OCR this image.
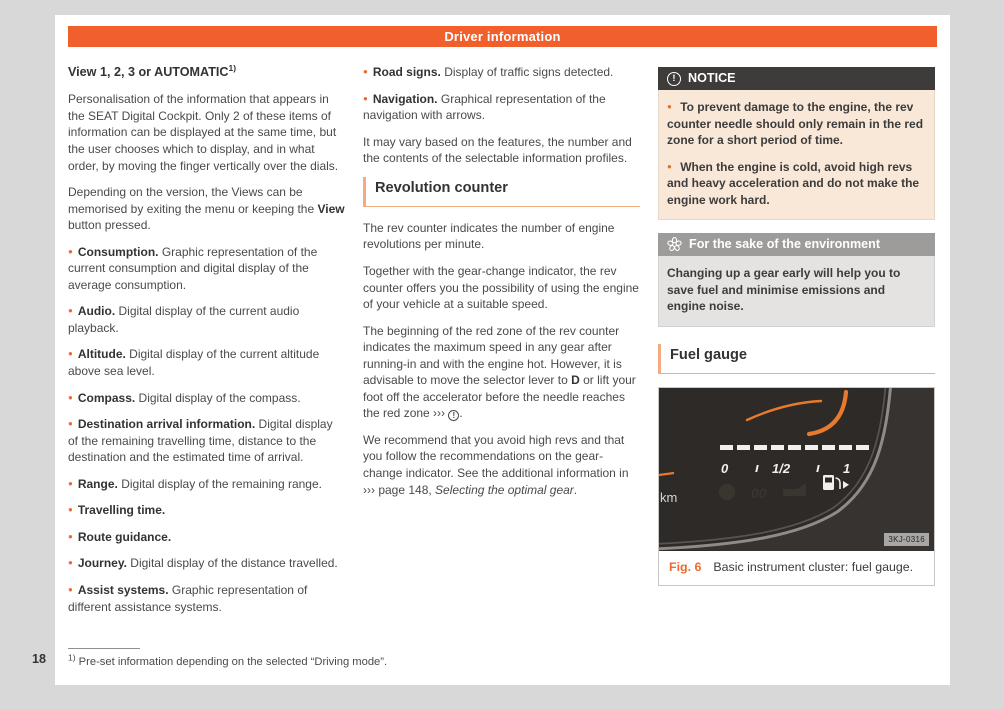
Driver information
View 1, 2, 3 or AUTOMATIC$^{1)}$

Personalisation of the information that appears in the SEAT Digital Cockpit. Only 2 of these items of information can be displayed at the same time, but the user chooses which to display, and in what order, by moving the finger vertically over the dials.

Depending on the version, the Views can be memorised by exiting the menu or keeping the View button pressed.

● Consumption. Graphic representation of the current consumption and digital display of the average consumption.
● Audio. Digital display of the current audio playback.
● Altitude. Digital display of the current altitude above sea level.
● Compass. Digital display of the compass.
● Destination arrival information. Digital display of the remaining travelling time, distance to the destination and the estimated time of arrival.
● Range. Digital display of the remaining range.
● Travelling time.
● Route guidance.
● Journey. Digital display of the distance travelled.
● Assist systems. Graphic representation of different assistance systems.
● Road signs. Display of traffic signs detected.
● Navigation. Graphical representation of the navigation with arrows.

It may vary based on the features, the number and the contents of the selectable information profiles.

Revolution counter

The rev counter indicates the number of engine revolutions per minute.

Together with the gear-change indicator, the rev counter offers you the possibility of using the engine of your vehicle at a suitable speed.

The beginning of the red zone of the rev counter indicates the maximum speed in any gear after running-in and with the engine hot. However, it is advisable to move the selector lever to D or lift your foot off the accelerator before the needle reaches the red zone ››› ! .

We recommend that you avoid high revs and that you follow the recommendations on the gear-change indicator. See the additional information in ››› page 148, Selecting the optimal gear.

! NOTICE

● To prevent damage to the engine, the rev counter needle should only remain in the red zone for a short period of time.

● When the engine is cold, avoid high revs and heavy acceleration and do not make the engine work hard.

For the sake of the environment

Changing up a gear early will help you to save fuel and minimise emissions and engine noise.

Fuel gauge
00
0	1/2	1
km
3KJ-0316
Fig. 6 Basic instrument cluster: fuel gauge.
$^{1)}$ Pre-set information depending on the selected “Driving mode”.
18
